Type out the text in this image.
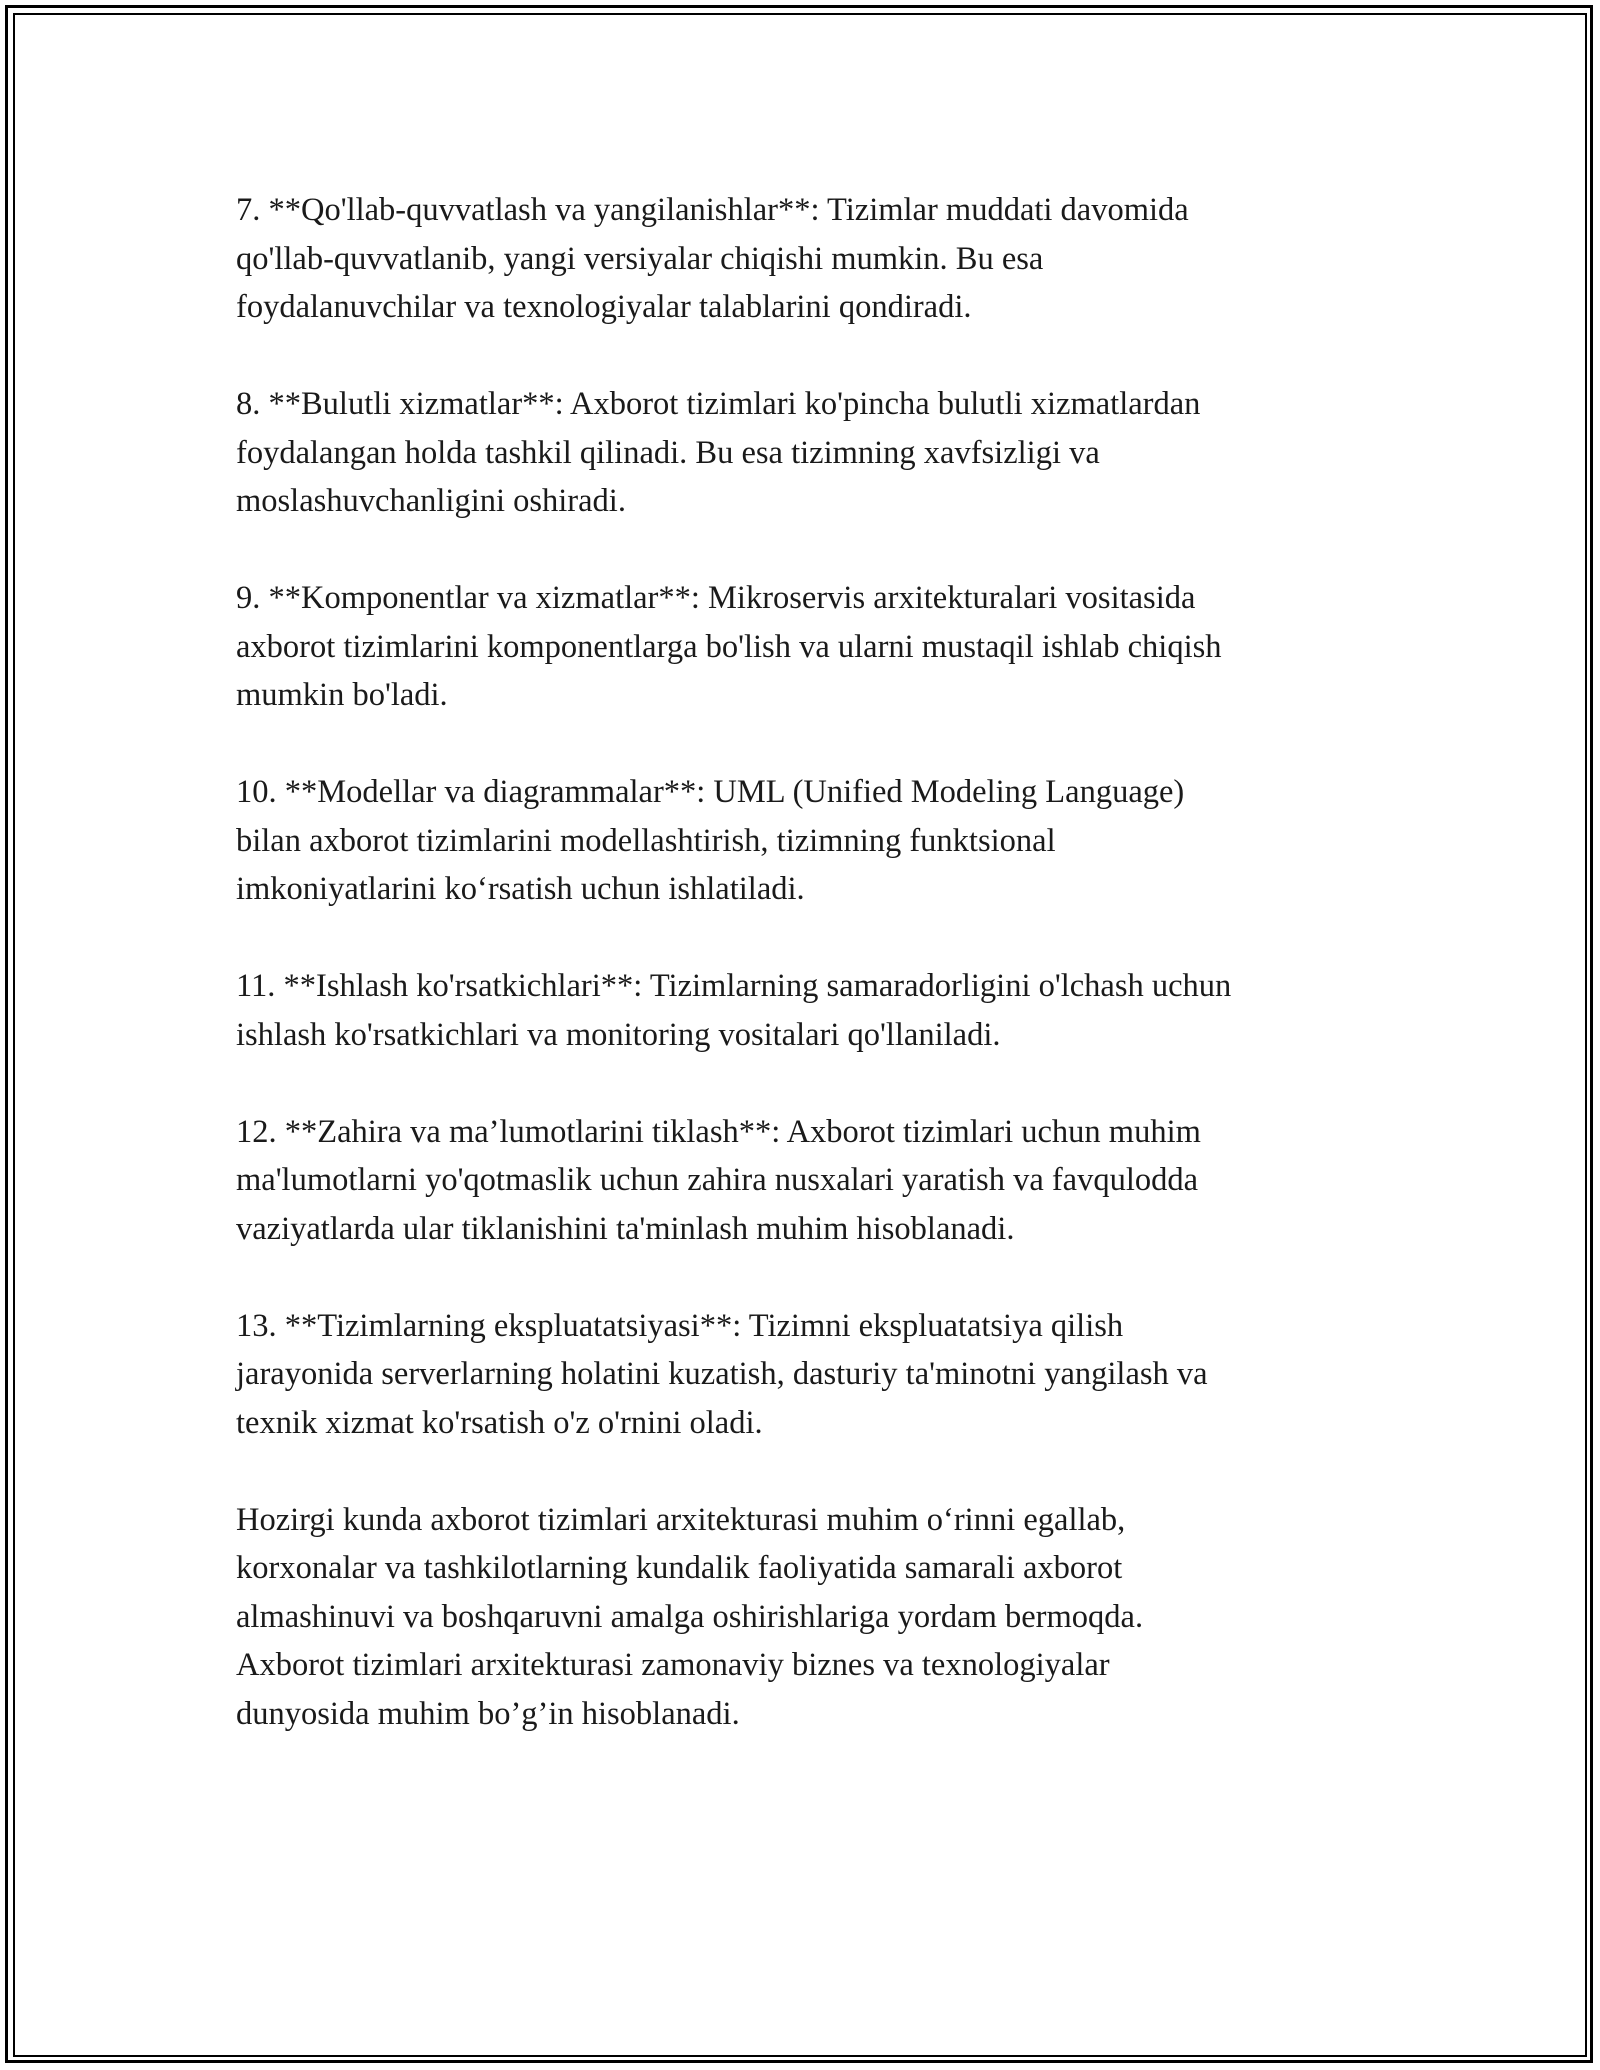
7. **Qo'llab-quvvatlash va yangilanishlar**: Tizimlar muddati davomida
qo'llab-quvvatlanib, yangi versiyalar chiqishi mumkin. Bu esa
foydalanuvchilar va texnologiyalar talablarini qondiradi.

8. **Bulutli xizmatlar**: Axborot tizimlari ko'pincha bulutli xizmatlardan
foydalangan holda tashkil qilinadi. Bu esa tizimning xavfsizligi va
moslashuvchanligini oshiradi.

9. **Komponentlar va xizmatlar**: Mikroservis arxitekturalari vositasida
axborot tizimlarini komponentlarga bo'lish va ularni mustaqil ishlab chiqish
mumkin bo'ladi.

10. **Modellar va diagrammalar**: UML (Unified Modeling Language)
bilan axborot tizimlarini modellashtirish, tizimning funktsional
imkoniyatlarini ko‘rsatish uchun ishlatiladi.

11. **Ishlash ko'rsatkichlari**: Tizimlarning samaradorligini o'lchash uchun
ishlash ko'rsatkichlari va monitoring vositalari qo'llaniladi.

12. **Zahira va ma’lumotlarini tiklash**: Axborot tizimlari uchun muhim
ma'lumotlarni yo'qotmaslik uchun zahira nusxalari yaratish va favqulodda
vaziyatlarda ular tiklanishini ta'minlash muhim hisoblanadi.

13. **Tizimlarning ekspluatatsiyasi**: Tizimni ekspluatatsiya qilish
jarayonida serverlarning holatini kuzatish, dasturiy ta'minotni yangilash va
texnik xizmat ko'rsatish o'z o'rnini oladi.

Hozirgi kunda axborot tizimlari arxitekturasi muhim o‘rinni egallab,
korxonalar va tashkilotlarning kundalik faoliyatida samarali axborot
almashinuvi va boshqaruvni amalga oshirishlariga yordam bermoqda.
Axborot tizimlari arxitekturasi zamonaviy biznes va texnologiyalar
dunyosida muhim bo’g’in hisoblanadi.
